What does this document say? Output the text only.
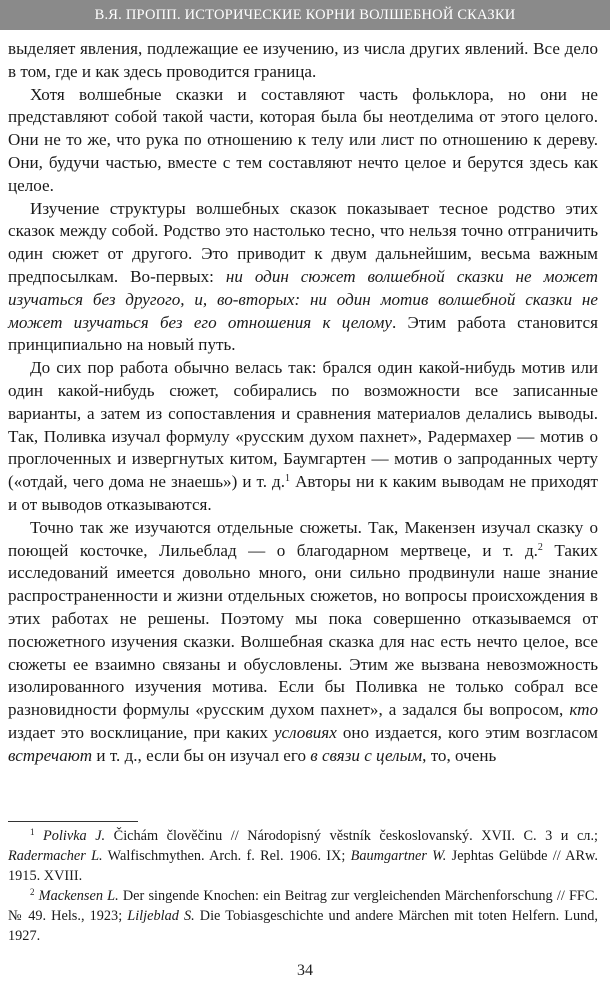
В.Я. ПРОПП. ИСТОРИЧЕСКИЕ КОРНИ ВОЛШЕБНОЙ СКАЗКИ

выделяет явления, подлежащие ее изучению, из числа других явлений. Все дело в том, где и как здесь проводится граница.

Хотя волшебные сказки и составляют часть фольклора, но они не представляют собой такой части, которая была бы неотделима от этого целого. Они не то же, что рука по отношению к телу или лист по отношению к дереву. Они, будучи частью, вместе с тем составляют нечто целое и берутся здесь как целое.

Изучение структуры волшебных сказок показывает тесное родство этих сказок между собой. Родство это настолько тесно, что нельзя точно отграничить один сюжет от другого. Это приводит к двум дальнейшим, весьма важным предпосылкам. Во-первых: ни один сюжет волшебной сказки не может изучаться без другого, и, во-вторых: ни один мотив волшебной сказки не может изучаться без его отношения к целому. Этим работа становится принципиально на новый путь.

До сих пор работа обычно велась так: брался один какой-нибудь мотив или один какой-нибудь сюжет, собирались по возможности все записанные варианты, а затем из сопоставления и сравнения материалов делались выводы. Так, Поливка изучал формулу «русским духом пахнет», Радермахер — мотив о проглоченных и извергнутых китом, Баумгартен — мотив о запроданных черту («отдай, чего дома не знаешь») и т. д.$^1$ Авторы ни к каким выводам не приходят и от выводов отказываются.

Точно так же изучаются отдельные сюжеты. Так, Макензен изучал сказку о поющей косточке, Лильеблад — о благодарном мертвеце, и т. д.$^2$ Таких исследований имеется довольно много, они сильно продвинули наше знание распространенности и жизни отдельных сюжетов, но вопросы происхождения в этих работах не решены. Поэтому мы пока совершенно отказываемся от посюжетного изучения сказки. Волшебная сказка для нас есть нечто целое, все сюжеты ее взаимно связаны и обусловлены. Этим же вызвана невозможность изолированного изучения мотива. Если бы Поливка не только собрал все разновидности формулы «русским духом пахнет», а задался бы вопросом, кто издает это восклицание, при каких условиях оно издается, кого этим возгласом встречают и т. д., если бы он изучал его в связи с целым, то, очень

$^1$ Polivka J. Čichám člověčinu // Národopisný věstník českoslovanský. XVII. С. 3 и сл.; Radermacher L. Walfischmythen. Arch. f. Rel. 1906. IX; Baumgartner W. Jephtas Gelübde // ARw. 1915. XVIII.

$^2$ Mackensen L. Der singende Knochen: ein Beitrag zur vergleichenden Märchenforschung // FFC. № 49. Hels., 1923; Liljeblad S. Die Tobiasgeschichte und andere Märchen mit toten Helfern. Lund, 1927.

34
